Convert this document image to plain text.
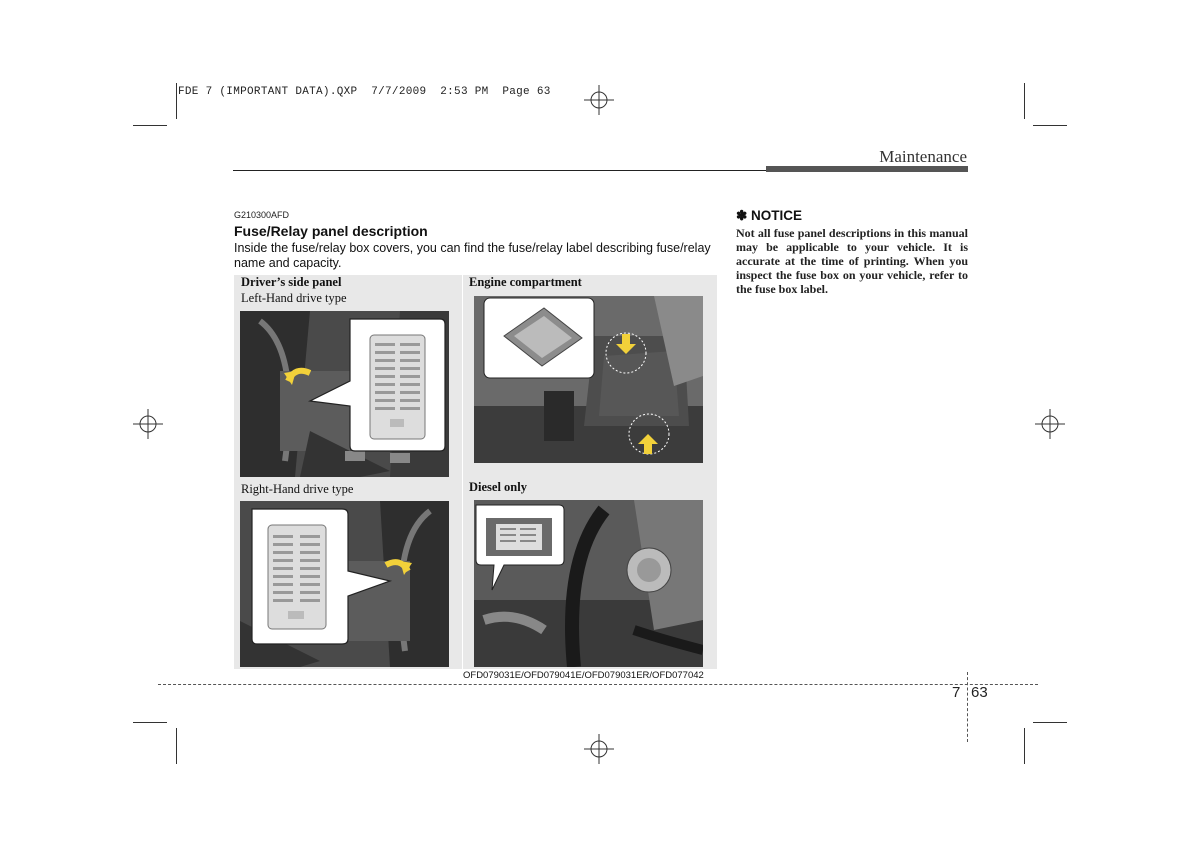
FDE 7 (IMPORTANT DATA).QXP  7/7/2009  2:53 PM  Page 63
Maintenance
G210300AFD
Fuse/Relay panel description
Inside the fuse/relay box covers, you can find the fuse/relay label describing fuse/relay name and capacity.
Driver’s side panel
Left-Hand drive type
Engine compartment
Right-Hand drive type	Diesel only
OFD079031E/OFD079041E/OFD079031ER/OFD077042
✽ NOTICE
Not all fuse panel descriptions in this manual may be applicable to your vehicle. It is accurate at the time of printing. When you inspect the fuse box on your vehicle, refer to the fuse box label.
7 63
